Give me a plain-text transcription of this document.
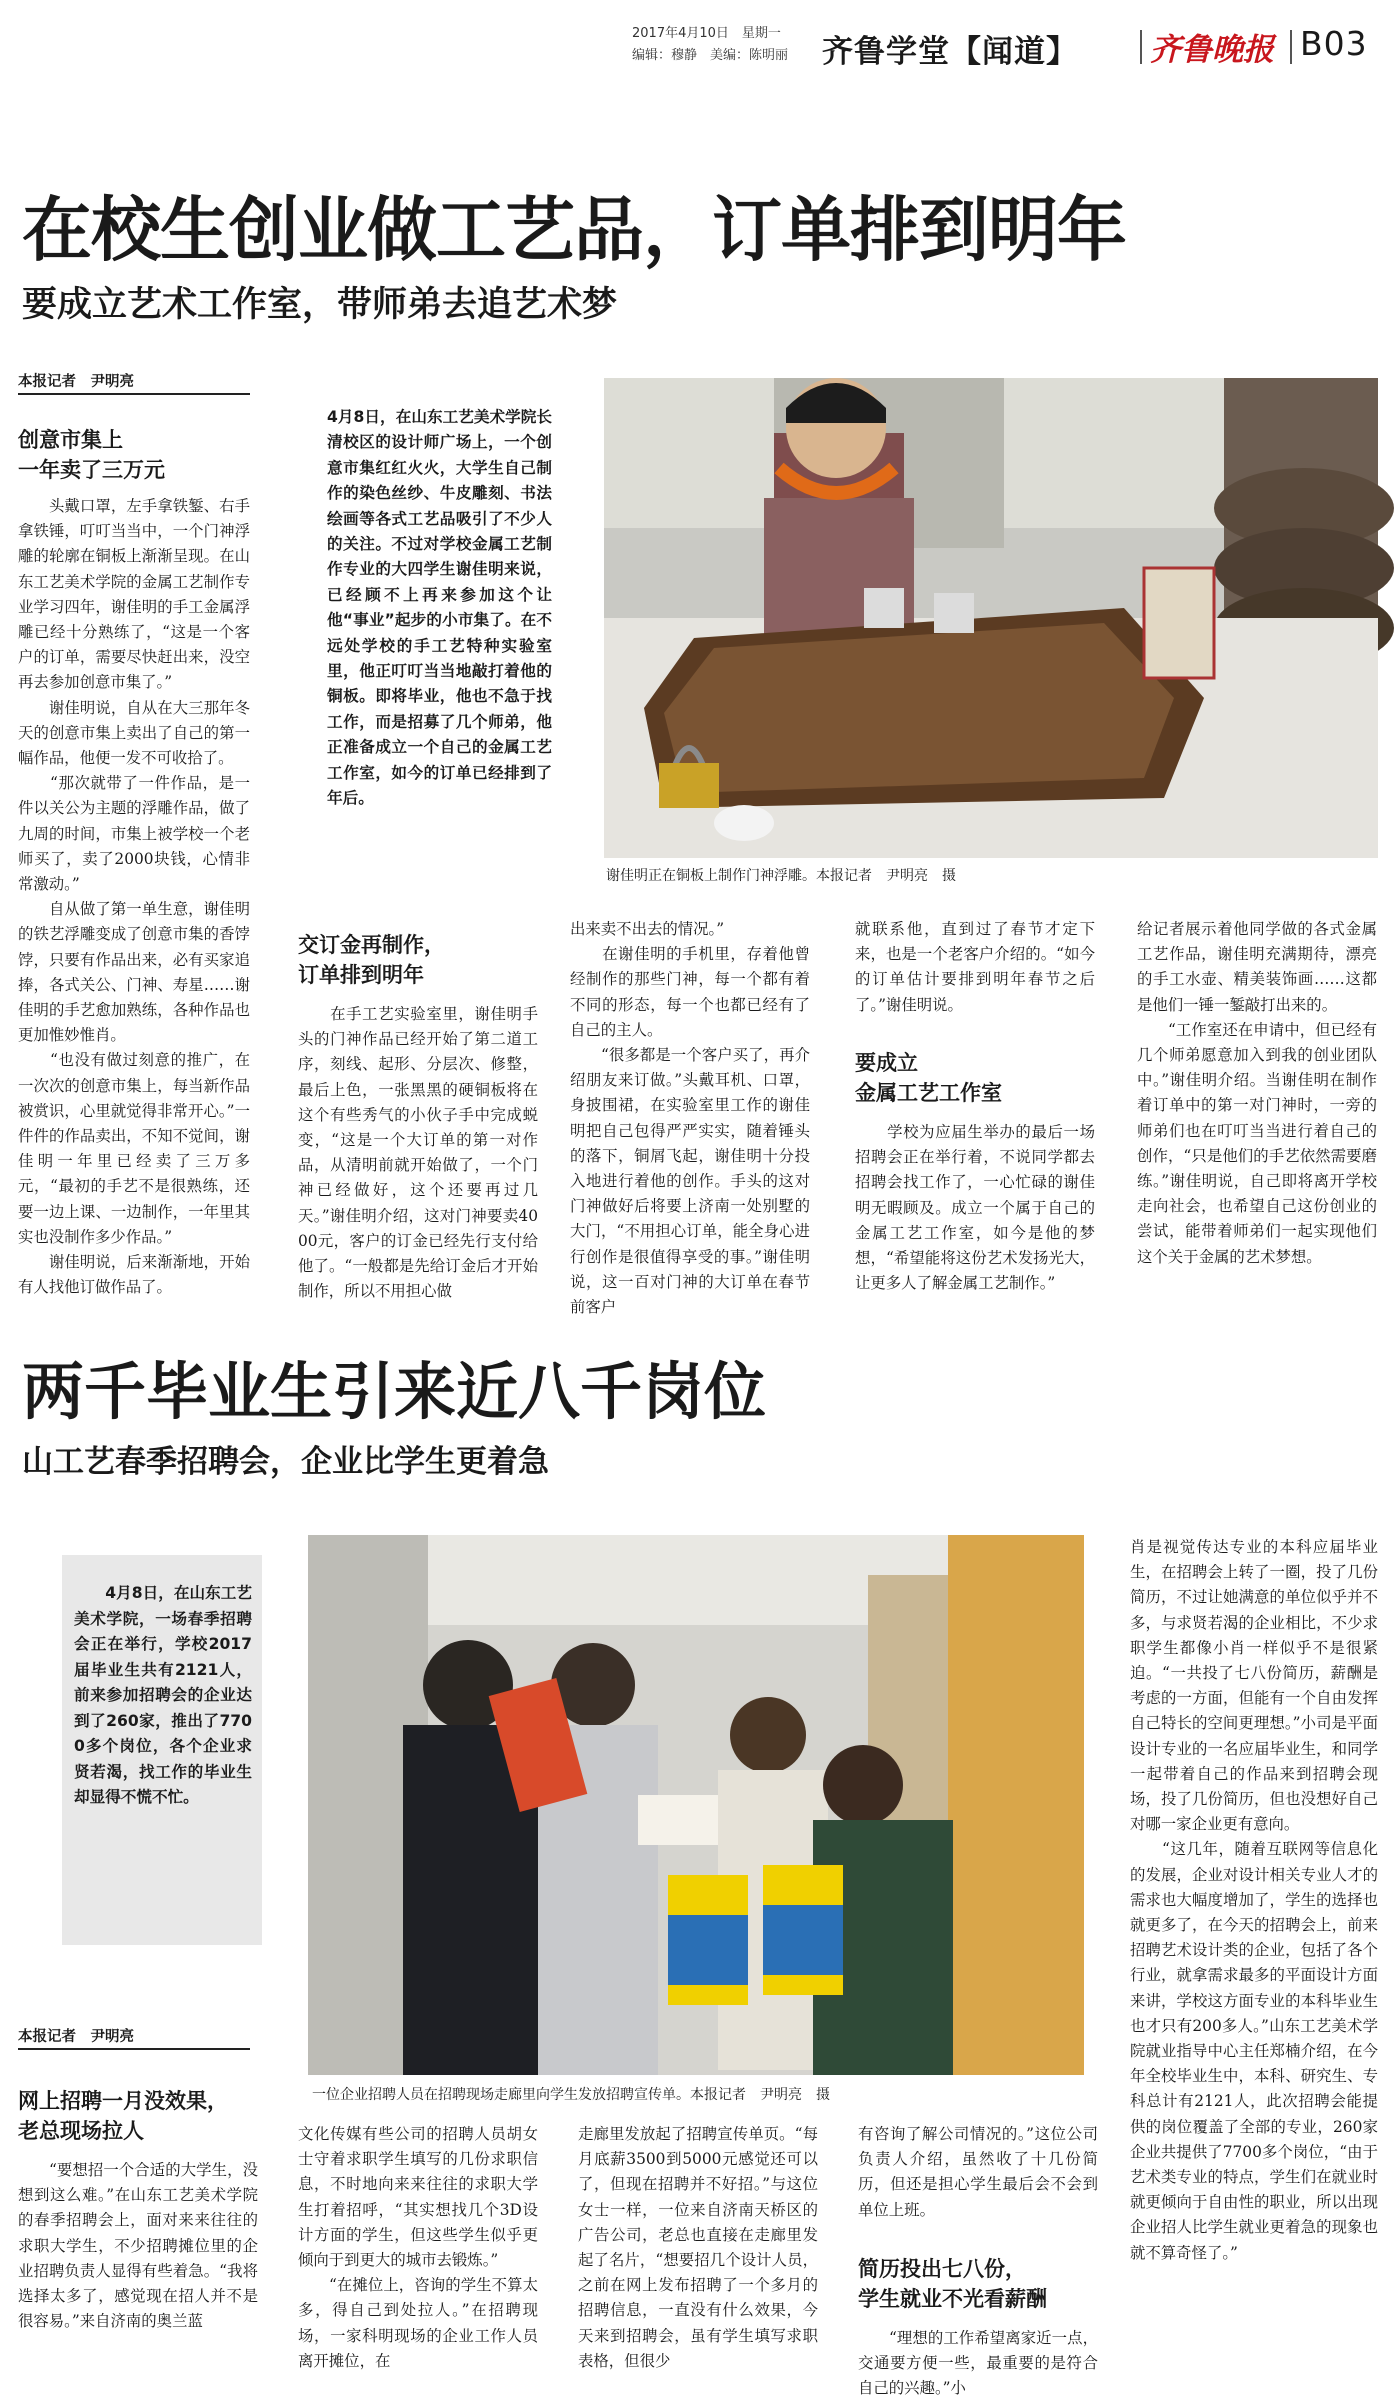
2017年4月10日　星期一
编辑：穆静　美编：陈明丽 齐鲁学堂【闻道】 齐鲁晚报 B03
在校生创业做工艺品，订单排到明年
要成立艺术工作室，带师弟去追艺术梦
本报记者　尹明亮
创意市集上
一年卖了三万元
　　头戴口罩，左手拿铁錾、右手拿铁锤，叮叮当当中，一个门神浮雕的轮廓在铜板上渐渐呈现。在山东工艺美术学院的金属工艺制作专业学习四年，谢佳明的手工金属浮雕已经十分熟练了，“这是一个客户的订单，需要尽快赶出来，没空再去参加创意市集了。”
　　谢佳明说，自从在大三那年冬天的创意市集上卖出了自己的第一幅作品，他便一发不可收拾了。
　　“那次就带了一件作品，是一件以关公为主题的浮雕作品，做了九周的时间，市集上被学校一个老师买了，卖了2000块钱，心情非常激动。”
　　自从做了第一单生意，谢佳明的铁艺浮雕变成了创意市集的香饽饽，只要有作品出来，必有买家追捧，各式关公、门神、寿星……谢佳明的手艺愈加熟练，各种作品也更加惟妙惟肖。
　　“也没有做过刻意的推广，在一次次的创意市集上，每当新作品被赏识，心里就觉得非常开心。”一件件的作品卖出，不知不觉间，谢佳明一年里已经卖了三万多元，“最初的手艺不是很熟练，还要一边上课、一边制作，一年里其实也没制作多少作品。”
　　谢佳明说，后来渐渐地，开始有人找他订做作品了。
4月8日，在山东工艺美术学院长清校区的设计师广场上，一个创意市集红红火火，大学生自己制作的染色丝纱、牛皮雕刻、书法绘画等各式工艺品吸引了不少人的关注。不过对学校金属工艺制作专业的大四学生谢佳明来说，已经顾不上再来参加这个让他“事业”起步的小市集了。在不远处学校的手工艺特种实验室里，他正叮叮当当地敲打着他的铜板。即将毕业，他也不急于找工作，而是招募了几个师弟，他正准备成立一个自己的金属工艺工作室，如今的订单已经排到了年后。
谢佳明正在铜板上制作门神浮雕。本报记者　尹明亮　摄
交订金再制作，
订单排到明年
　　在手工艺实验室里，谢佳明手头的门神作品已经开始了第二道工序，刻线、起形、分层次、修整，最后上色，一张黑黑的硬铜板将在这个有些秀气的小伙子手中完成蜕变，“这是一个大订单的第一对作品，从清明前就开始做了，一个门神已经做好，这个还要再过几天。”谢佳明介绍，这对门神要卖4000元，客户的订金已经先行支付给他了。“一般都是先给订金后才开始制作，所以不用担心做
出来卖不出去的情况。”
　　在谢佳明的手机里，存着他曾经制作的那些门神，每一个都有着不同的形态，每一个也都已经有了自己的主人。
　　“很多都是一个客户买了，再介绍朋友来订做。”头戴耳机、口罩，身披围裙，在实验室里工作的谢佳明把自己包得严严实实，随着锤头的落下，铜屑飞起，谢佳明十分投入地进行着他的创作。手头的这对门神做好后将要上济南一处别墅的大门，“不用担心订单，能全身心进行创作是很值得享受的事。”谢佳明说，这一百对门神的大订单在春节前客户
就联系他，直到过了春节才定下来，也是一个老客户介绍的。“如今的订单估计要排到明年春节之后了。”谢佳明说。
要成立
金属工艺工作室
　　学校为应届生举办的最后一场招聘会正在举行着，不说同学都去招聘会找工作了，一心忙碌的谢佳明无暇顾及。成立一个属于自己的金属工艺工作室，如今是他的梦想，“希望能将这份艺术发扬光大，让更多人了解金属工艺制作。”
给记者展示着他同学做的各式金属工艺作品，谢佳明充满期待，漂亮的手工水壶、精美装饰画……这都是他们一锤一錾敲打出来的。
　　“工作室还在申请中，但已经有几个师弟愿意加入到我的创业团队中。”谢佳明介绍。当谢佳明在制作着订单中的第一对门神时，一旁的师弟们也在叮叮当当进行着自己的创作，“只是他们的手艺依然需要磨练。”谢佳明说，自己即将离开学校走向社会，也希望自己这份创业的尝试，能带着师弟们一起实现他们这个关于金属的艺术梦想。
两千毕业生引来近八千岗位
山工艺春季招聘会，企业比学生更着急
　　4月8日，在山东工艺美术学院，一场春季招聘会正在举行，学校2017届毕业生共有2121人，前来参加招聘会的企业达到了260家，推出了7700多个岗位，各个企业求贤若渴，找工作的毕业生却显得不慌不忙。
本报记者　尹明亮
一位企业招聘人员在招聘现场走廊里向学生发放招聘宣传单。本报记者　尹明亮　摄
网上招聘一月没效果，
老总现场拉人
　　“要想招一个合适的大学生，没想到这么难。”在山东工艺美术学院的春季招聘会上，面对来来往往的求职大学生，不少招聘摊位里的企业招聘负责人显得有些着急。“我将选择太多了，感觉现在招人并不是很容易。”来自济南的奥兰蓝
文化传媒有些公司的招聘人员胡女士守着求职学生填写的几份求职信息，不时地向来来往往的求职大学生打着招呼，“其实想找几个3D设计方面的学生，但这些学生似乎更倾向于到更大的城市去锻炼。”
　　“在摊位上，咨询的学生不算太多，得自己到处拉人。”在招聘现场，一家科明现场的企业工作人员离开摊位，在
走廊里发放起了招聘宣传单页。“每月底薪3500到5000元感觉还可以了，但现在招聘并不好招。”与这位女士一样，一位来自济南天桥区的广告公司，老总也直接在走廊里发起了名片，“想要招几个设计人员，之前在网上发布招聘了一个多月的招聘信息，一直没有什么效果，今天来到招聘会，虽有学生填写求职表格，但很少
有咨询了解公司情况的。”这位公司负责人介绍，虽然收了十几份简历，但还是担心学生最后会不会到单位上班。
简历投出七八份，
学生就业不光看薪酬
　　“理想的工作希望离家近一点，交通要方便一些，最重要的是符合自己的兴趣。”小
肖是视觉传达专业的本科应届毕业生，在招聘会上转了一圈，投了几份简历，不过让她满意的单位似乎并不多，与求贤若渴的企业相比，不少求职学生都像小肖一样似乎不是很紧迫。“一共投了七八份简历，薪酬是考虑的一方面，但能有一个自由发挥自己特长的空间更理想。”小司是平面设计专业的一名应届毕业生，和同学一起带着自己的作品来到招聘会现场，投了几份简历，但也没想好自己对哪一家企业更有意向。
　　“这几年，随着互联网等信息化的发展，企业对设计相关专业人才的需求也大幅度增加了，学生的选择也就更多了，在今天的招聘会上，前来招聘艺术设计类的企业，包括了各个行业，就拿需求最多的平面设计方面来讲，学校这方面专业的本科毕业生也才只有200多人。”山东工艺美术学院就业指导中心主任郑楠介绍，在今年全校毕业生中，本科、研究生、专科总计有2121人，此次招聘会能提供的岗位覆盖了全部的专业，260家企业共提供了7700多个岗位，“由于艺术类专业的特点，学生们在就业时就更倾向于自由性的职业，所以出现企业招人比学生就业更着急的现象也就不算奇怪了。”
